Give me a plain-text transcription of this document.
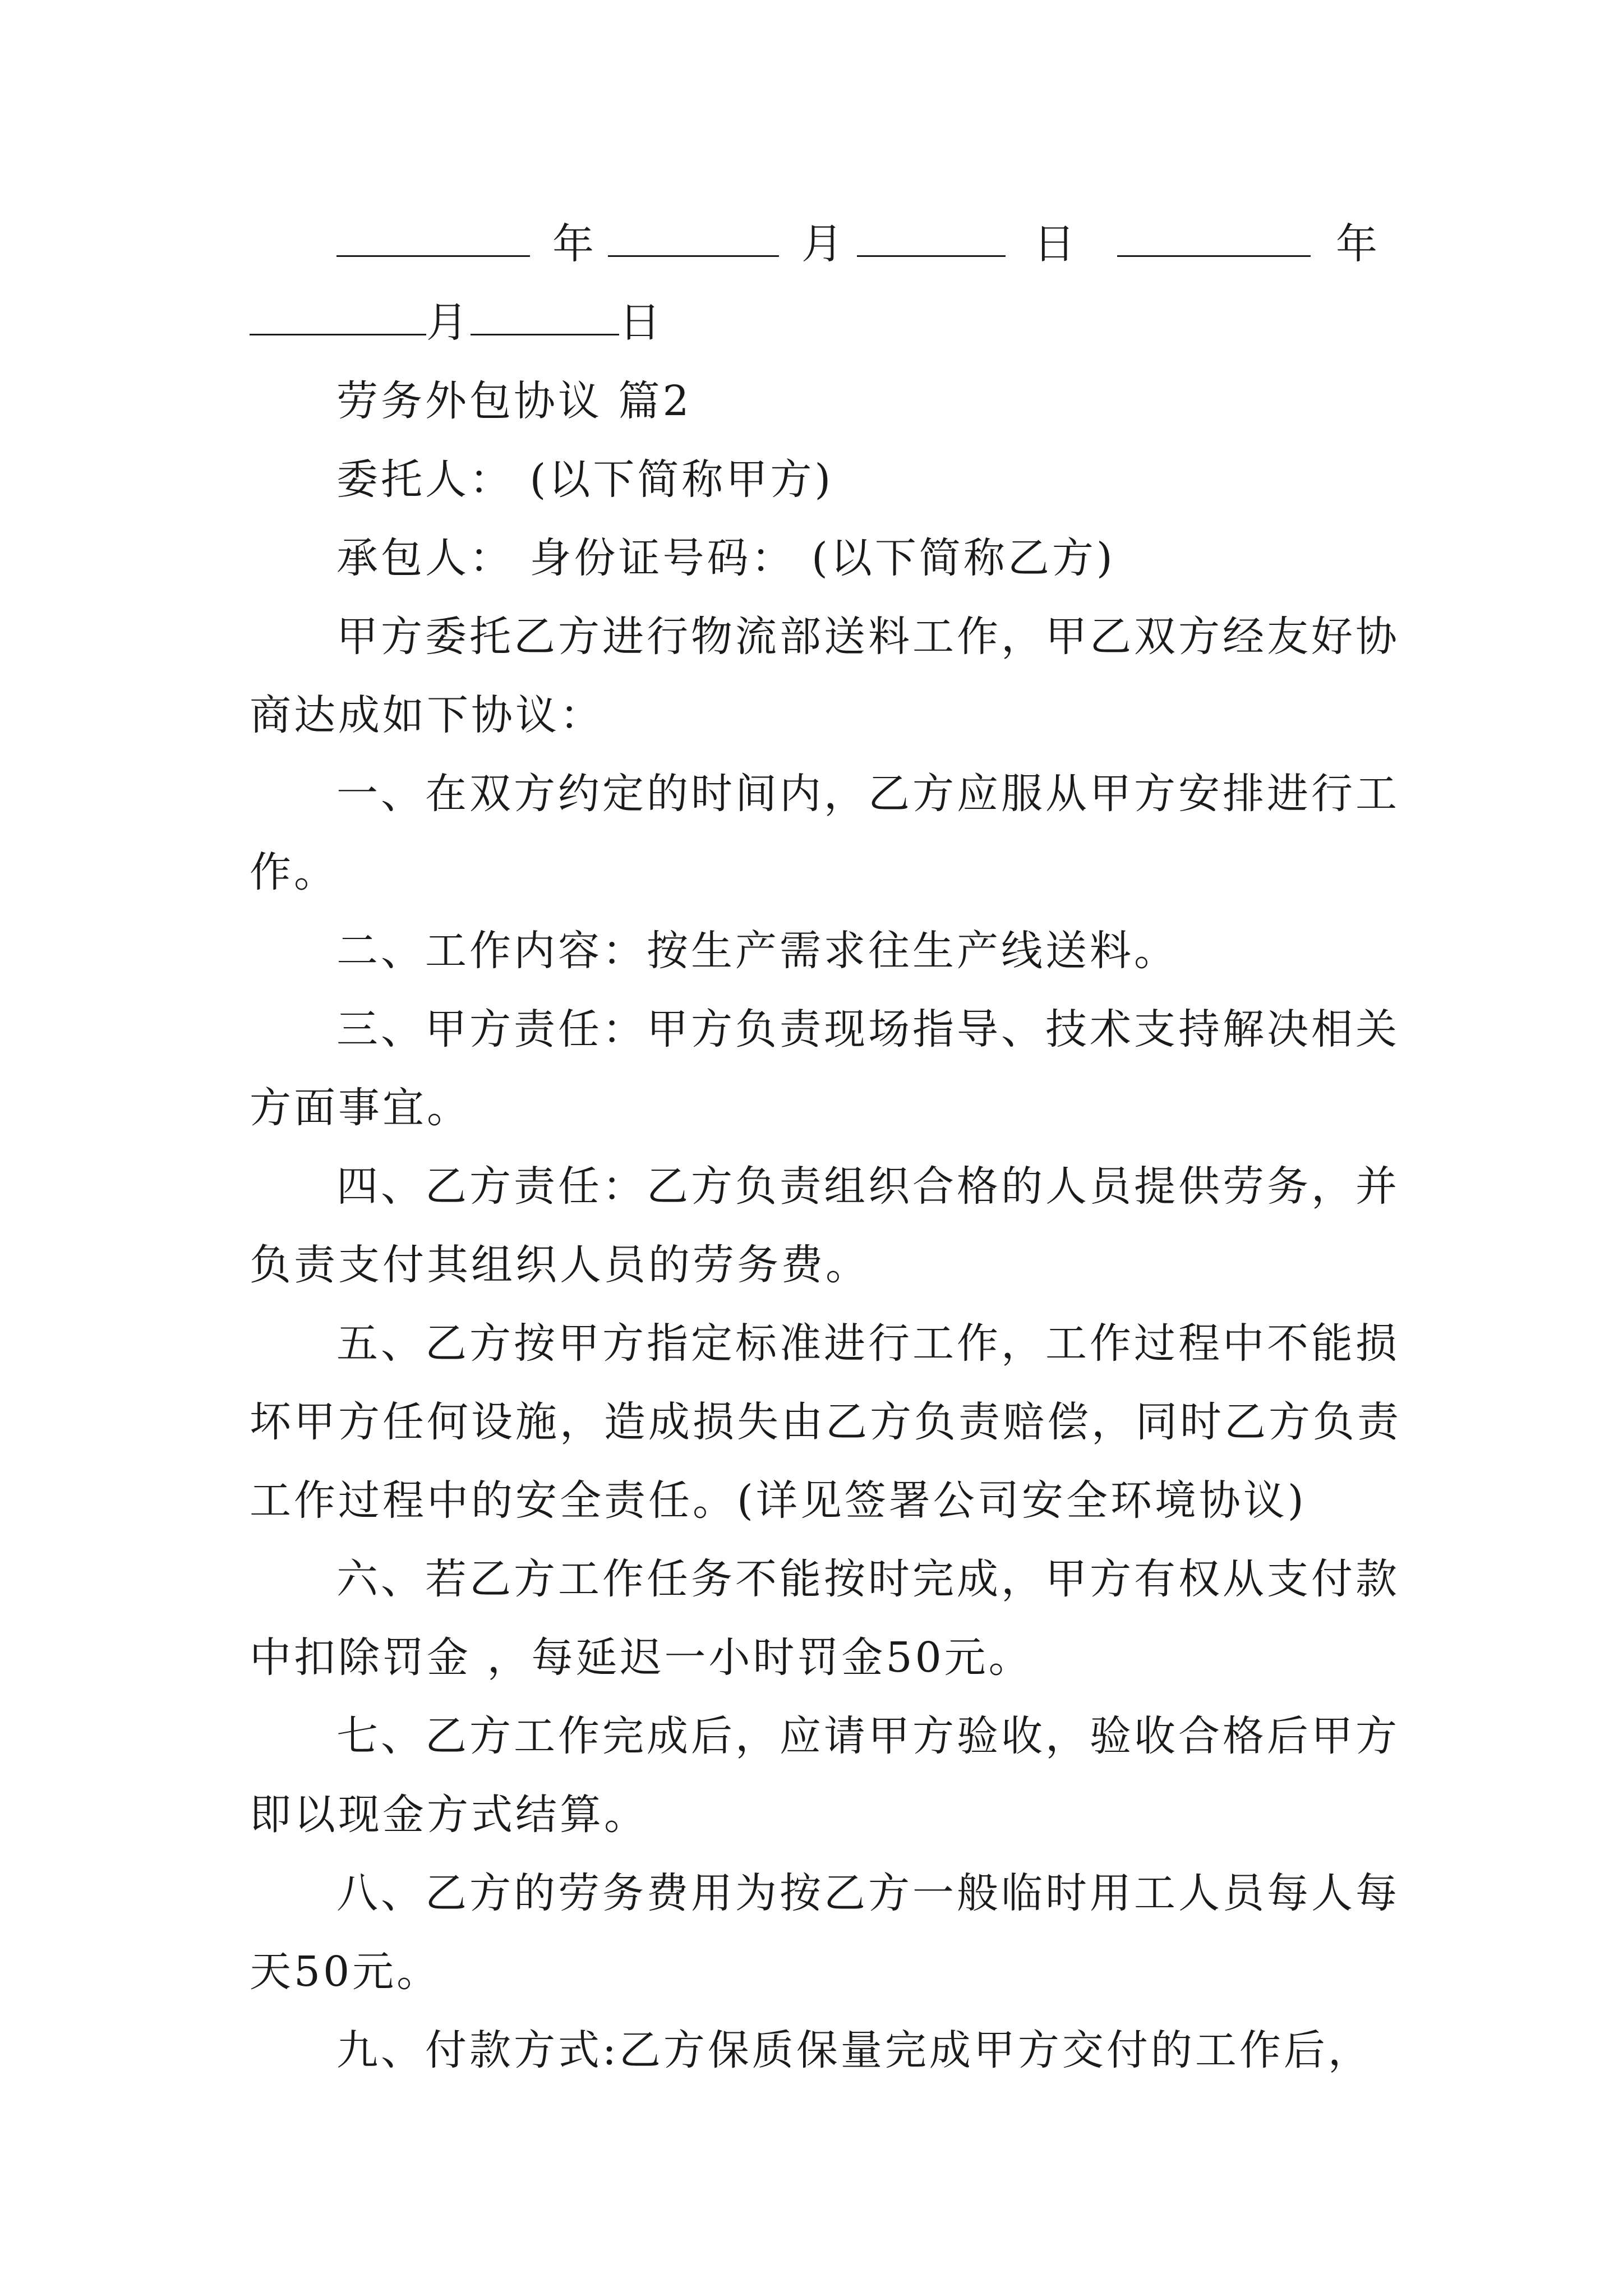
年	月	日	年
月	日
劳务外包协议 篇2
委托人： (以下简称甲方)
承包人： 身份证号码： (以下简称乙方)
甲方委托乙方进行物流部送料工作，甲乙双方经友好协
商达成如下协议：
一、在双方约定的时间内，乙方应服从甲方安排进行工
作。
二、工作内容：按生产需求往生产线送料。
三、甲方责任：甲方负责现场指导、技术支持解决相关
方面事宜。
四、乙方责任：乙方负责组织合格的人员提供劳务，并
负责支付其组织人员的劳务费。
五、乙方按甲方指定标准进行工作，工作过程中不能损
坏甲方任何设施，造成损失由乙方负责赔偿，同时乙方负责
工作过程中的安全责任。(详见签署公司安全环境协议)
六、若乙方工作任务不能按时完成，甲方有权从支付款
中扣除罚金 ，每延迟一小时罚金50元。
七、乙方工作完成后，应请甲方验收，验收合格后甲方
即以现金方式结算。
八、乙方的劳务费用为按乙方一般临时用工人员每人每
天50元。
九、付款方式:乙方保质保量完成甲方交付的工作后，
